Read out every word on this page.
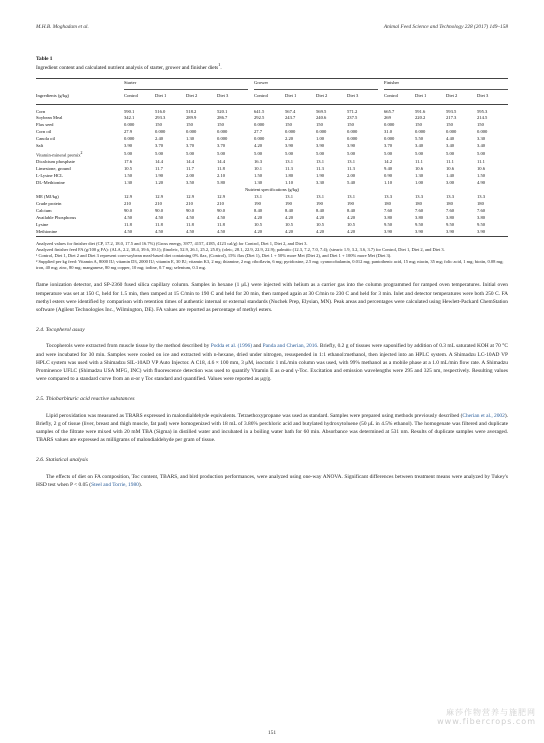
M.H.B. Moghadam et al.	Animal Feed Science and Technology 228 (2017) 149–158
Table 1
Ingredient content and calculated nutrient analysis of starter, grower and finisher diets$^1$.
	Starter					Grower					Finisher			
Ingredients (g/kg)	Control	Diet 1	Diet 2	Diet 3		Control	Diet 1	Diet 2	Diet 3		Control	Diet 1	Diet 2	Diet 3

Corn	590.1	516.0	518.2	520.1		641.5	567.4	569.5	571.2		665.7	591.6	593.5	595.3
Soybean Meal	342.1	293.3	289.9	286.7		292.5	243.7	240.6	237.5		269	220.2	217.3	214.5
Flax seed	0.000	150	150	150		0.000	150	150	150		0.000	150	150	150
Corn oil	27.9	0.000	0.000	0.000		27.7	0.000	0.000	0.000		31.0	0.000	0.000	0.000
Canola oil	0.000	2.40	1.30	0.000		0.000	2.20	1.00	0.000		0.000	5.50	4.40	3.30
Salt	3.90	3.70	3.70	3.70		4.20	3.90	3.90	3.90		3.70	3.40	3.40	3.40
Vitamin-mineral premix$^2$	5.00	5.00	5.00	5.00		5.00	5.00	5.00	5.00		5.00	5.00	5.00	5.00
Dicalcium phosphate	17.6	14.4	14.4	14.4		16.3	13.1	13.1	13.1		14.2	11.1	11.1	11.1
Limestone, ground	10.5	11.7	11.7	11.8		10.1	11.3	11.3	11.3		9.40	10.6	10.6	10.6
L-Lysine HCL	1.50	1.90	2.00	2.10		1.50	1.80	1.90	2.00		0.90	1.30	1.40	1.50
DL-Methionine	1.30	1.20	3.50	5.80		1.30	1.10	3.30	5.40		1.10	1.00	3.00	4.90
Nutrient specifications (g/kg)														
ME (MJ/kg)	12.9	12.9	12.9	12.9		13.1	13.1	13.1	13.1		13.3	13.3	13.3	13.3
Crude protein	210	210	210	210		190	190	190	190		180	180	180	180
Calcium	90.0	90.0	90.0	90.0		8.40	8.40	8.40	8.40		7.60	7.60	7.60	7.60
Available Phosphorus	4.50	4.50	4.50	4.50		4.20	4.20	4.20	4.20		3.80	3.80	3.80	3.80
Lysine	11.8	11.8	11.8	11.8		10.5	10.5	10.5	10.5		9.50	9.50	9.50	9.50
Methionine	4.50	4.50	4.50	4.50		4.20	4.20	4.20	4.20		3.90	3.90	3.90	3.90

Analyzed values for finisher diet (CP, 17.2, 18.0, 17.5 and 16.7%) (Gross energy, 3977, 4157, 4185, 4123 cal/g) for Control, Diet 1, Diet 2, and Diet 3.

Analyzed finisher feed FA (g/100 g FA): (ALA, 2.2, 38.4, 39.6, 39.1); (linoleic, 52.9, 26.1, 25.2, 25.0); (oleic, 28.1, 22.9, 22.9, 22.9); palmitic (12.3, 7.2, 7.0, 7.4); (stearic 1.9, 3.2, 3.6, 3.7) for Control, Diet 1, Diet 2, and Diet 3.

¹ Control, Diet 1, Diet 2 and Diet 3 represent corn-soybean meal-based diet containing 0% flax, (Control), 15% flax (Diet 1), Diet 1 + 50% more Met (Diet 2), and Diet 1 + 100% more Met (Diet 3).

² Supplied per kg feed: Vitamin A, 8000 IU; vitamin D3, 2000 IU; vitamin E, 30 IU; vitamin K3, 2 mg; thiamine, 2 mg; riboflavin, 6 mg; pyridoxine, 2.5 mg; cyanocobalamin, 0.012 mg; pantothenic acid, 15 mg; niacin, 35 mg; folic acid, 1 mg; biotin, 0.08 mg; iron, 40 mg; zinc, 80 mg; manganese, 80 mg copper, 10 mg; iodine, 0.7 mg; selenium, 0.3 mg.

flame ionization detector, and SP-2360 fused silica capillary column. Samples in hexane (1 μL) were injected with helium as a carrier gas into the column programmed for ramped oven temperatures. Initial oven temperature was set at 150 C, held for 1.5 min, then ramped at 15 C/min to 190 C and held for 20 min, then ramped again at 30 C/min to 230 C and held for 3 min. Inlet and detector temperatures were both 250 C. FA methyl esters were identified by comparison with retention times of authentic internal or external standards (Nuchek Prep, Elysian, MN). Peak areas and percentages were calculated using Hewlett-Packard ChemStation software (Agilent Technologies Inc., Wilmington, DE). FA values are reported as percentage of methyl esters.

2.4. Tocopherol assay

Tocopherols were extracted from muscle tissue by the method described by Podda et al. (1996) and Panda and Cherian, 2016. Briefly, 0.2 g of tissues were saponified by addition of 0.3 mL saturated KOH at 70 °C and were incubated for 30 min. Samples were cooled on ice and extracted with n-hexane, dried under nitrogen, resuspended in 1:1 ethanol:methanol, then injected into an HPLC system. A Shimadzu LC-10AD VP HPLC system was used with a Shimadzu SIL-10AD VP Auto Injector. A C18, 4.6 × 100 mm, 3 μM, isocratic 1 mL/min column was used, with 99% methanol as a mobile phase at a 1.0 mL/min flow rate. A Shimadzu Prominence UFLC (Shimadzu USA MFG, INC) with fluorescence detection was used to quantify Vitamin E as α-and γ-Toc. Excitation and emission wavelengths were 295 and 325 nm, respectively. Resulting values were compared to a standard curve from an α-or γ Toc standard and quantified. Values were reported as μg/g.

2.5. Thiobarbituric acid reactive substances

Lipid peroxidation was measured as TBARS expressed in malondialdehyde equivalents. Tetraethoxypropane was used as standard. Samples were prepared using methods previously described (Cherian et al., 2002). Briefly, 2 g of tissue (liver, breast and thigh muscle, fat pad) were homogenized with 18 mL of 3.86% perchloric acid and butylated hydroxytoluene (50 μL in 4.5% ethanol). The homogenate was filtered and duplicate samples of the filtrate were mixed with 20 mM TBA (Sigma) in distilled water and incubated in a boiling water bath for 60 min. Absorbance was determined at 531 nm. Results of duplicate samples were averaged. TBARS values are expressed as milligrams of malondialdehyde per gram of tissue.

2.6. Statistical analysis

The effects of diet on FA composition, Toc content, TBARS, and bird production performances, were analyzed using one-way ANOVA. Significant differences between treatment means were analyzed by Tukey's HSD test when P < 0.05 (Steel and Torrie, 1980).

151
麻莎作物营养与施肥网
www.fibercrops.com
